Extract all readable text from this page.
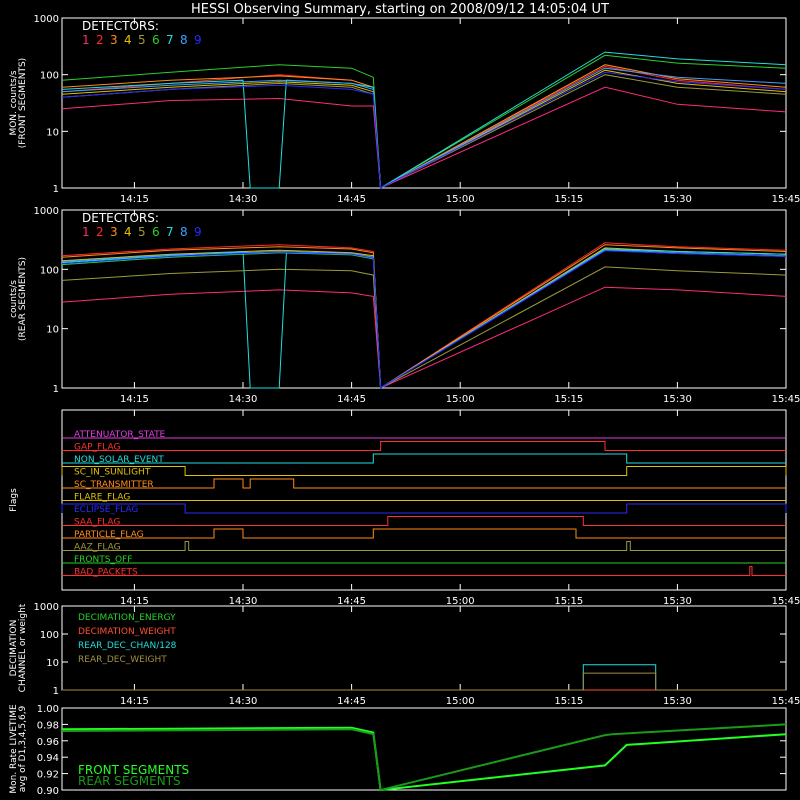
HESSI Observing Summary, starting on 2008/09/12 14:05:04 UT
14:15	14:30	14:45	15:00	15:15	15:30	15:45
1
10
100
1000
MON. counts/s (FRONT SEGMENTS)
DETECTORS:
1 2 3 4 5 6 7 8 9
14:15	14:30	14:45	15:00	15:15	15:30	15:45
1
10
100
1000
counts/s (REAR SEGMENTS)
DETECTORS:
1 2 3 4 5 6 7 8 9
14:15	14:30	14:45	15:00	15:15	15:30	15:45
Flags
ATTENUATOR_STATE
GAP_FLAG
NON_SOLAR_EVENT
SC_IN_SUNLIGHT
SC_TRANSMITTER
FLARE_FLAG
ECLIPSE_FLAG
SAA_FLAG
PARTICLE_FLAG
AAZ_FLAG
FRONTS_OFF
BAD_PACKETS
14:15	14:30	14:45	15:00	15:15	15:30	15:45
1
10
100
1000
DECIMATION CHANNEL or weight	DECIMATION_ENERGY
DECIMATION_WEIGHT
REAR_DEC_CHAN/128
REAR_DEC_WEIGHT
0.90
0.92
0.94
0.96
0.98
1.00
Mon. Rate LIVETIME avg of D1,3,4,5,6,9	FRONT SEGMENTS
REAR SEGMENTS
